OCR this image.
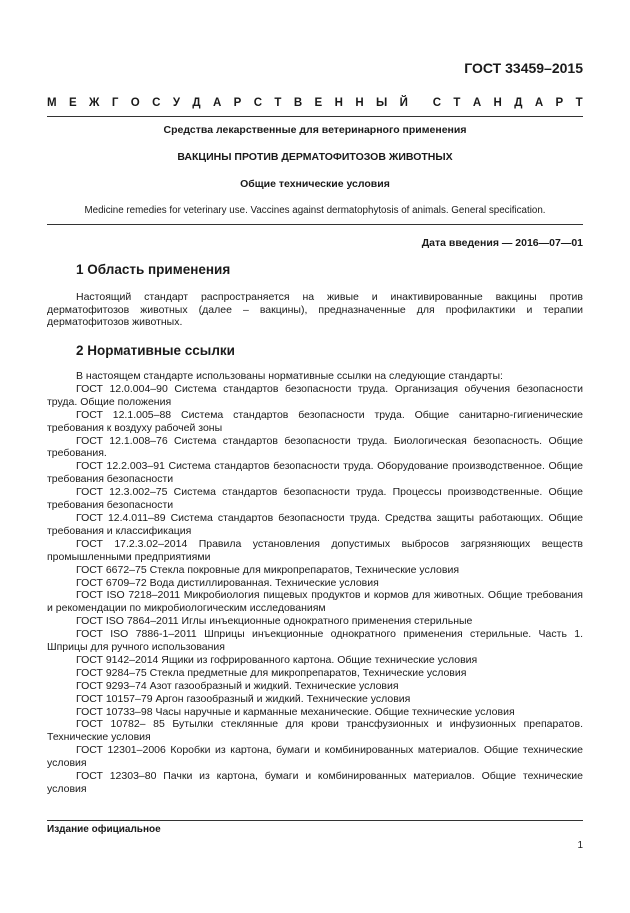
ГОСТ 33459–2015
М Е Ж Г О С У Д А Р С Т В Е Н Н Ы Й С Т А Н Д А Р Т
Средства лекарственные для ветеринарного применения
ВАКЦИНЫ ПРОТИВ ДЕРМАТОФИТОЗОВ ЖИВОТНЫХ
Общие технические условия
Medicine remedies for veterinary use. Vaccines against dermatophytosis of animals. General specification.
Дата введения — 2016—07—01
1 Область применения
Настоящий стандарт распространяется на живые и инактивированные вакцины против дерматофитозов животных (далее – вакцины), предназначенные для профилактики и терапии дерматофитозов животных.
2 Нормативные ссылки

В настоящем стандарте использованы нормативные ссылки на следующие стандарты:

ГОСТ 12.0.004–90 Система стандартов безопасности труда. Организация обучения безопасности труда. Общие положения

ГОСТ 12.1.005–88 Система стандартов безопасности труда. Общие санитарно-гигиенические требования к воздуху рабочей зоны

ГОСТ 12.1.008–76 Система стандартов безопасности труда. Биологическая безопасность. Общие требования.

ГОСТ 12.2.003–91 Система стандартов безопасности труда. Оборудование производственное. Общие требования безопасности

ГОСТ 12.3.002–75 Система стандартов безопасности труда. Процессы производственные. Общие требования безопасности

ГОСТ 12.4.011–89 Система стандартов безопасности труда. Средства защиты работающих. Общие требования и классификация

ГОСТ 17.2.3.02–2014 Правила установления допустимых выбросов загрязняющих веществ промышленными предприятиями

ГОСТ 6672–75 Стекла покровные для микропрепаратов, Технические условия

ГОСТ 6709–72 Вода дистиллированная. Технические условия

ГОСТ ISO 7218–2011 Микробиология пищевых продуктов и кормов для животных. Общие требования и рекомендации по микробиологическим исследованиям

ГОСТ ISO 7864–2011 Иглы инъекционные однократного применения стерильные

ГОСТ ISO 7886-1–2011 Шприцы инъекционные однократного применения стерильные. Часть 1. Шприцы для ручного использования

ГОСТ 9142–2014 Ящики из гофрированного картона. Общие технические условия

ГОСТ 9284–75 Стекла предметные для микропрепаратов, Технические условия

ГОСТ 9293–74 Азот газообразный и жидкий. Технические условия

ГОСТ 10157–79 Аргон газообразный и жидкий. Технические условия

ГОСТ 10733–98 Часы наручные и карманные механические. Общие технические условия

ГОСТ 10782– 85 Бутылки стеклянные для крови трансфузионных и инфузионных препаратов. Технические условия

ГОСТ 12301–2006 Коробки из картона, бумаги и комбинированных материалов. Общие технические условия

ГОСТ 12303–80 Пачки из картона, бумаги и комбинированных материалов. Общие технические условия

Издание официальное
1
